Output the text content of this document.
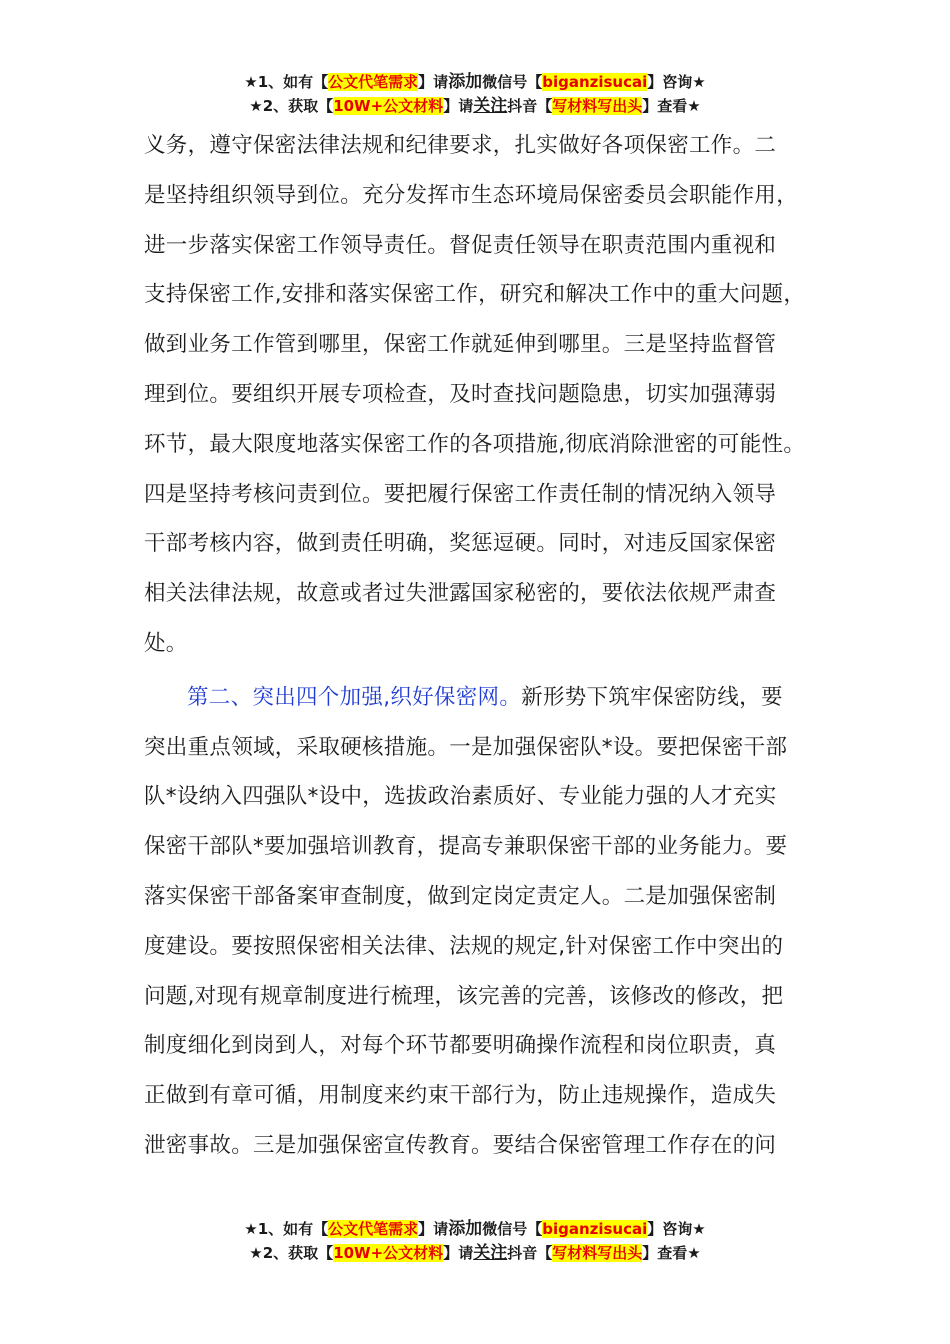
★1、如有【公文代笔需求】请添加微信号【biganzisucai】咨询★
★2、获取【10W+公文材料】请关注抖音【写材料写出头】查看★

义务，遵守保密法律法规和纪律要求，扎实做好各项保密工作。二

是坚持组织领导到位。充分发挥市生态环境局保密委员会职能作用，

进一步落实保密工作领导责任。督促责任领导在职责范围内重视和

支持保密工作,安排和落实保密工作，研究和解决工作中的重大问题，

做到业务工作管到哪里，保密工作就延伸到哪里。三是坚持监督管

理到位。要组织开展专项检查，及时查找问题隐患，切实加强薄弱

环节，最大限度地落实保密工作的各项措施,彻底消除泄密的可能性。

四是坚持考核问责到位。要把履行保密工作责任制的情况纳入领导

干部考核内容，做到责任明确，奖惩逗硬。同时，对违反国家保密

相关法律法规，故意或者过失泄露国家秘密的，要依法依规严肃查

处。

第二、突出四个加强,织好保密网。新形势下筑牢保密防线，要

突出重点领域，采取硬核措施。一是加强保密队*设。要把保密干部

队*设纳入四强队*设中，选拔政治素质好、专业能力强的人才充实

保密干部队*要加强培训教育，提高专兼职保密干部的业务能力。要

落实保密干部备案审查制度，做到定岗定责定人。二是加强保密制

度建设。要按照保密相关法律、法规的规定,针对保密工作中突出的

问题,对现有规章制度进行梳理，该完善的完善，该修改的修改，把

制度细化到岗到人，对每个环节都要明确操作流程和岗位职责，真

正做到有章可循，用制度来约束干部行为，防止违规操作，造成失

泄密事故。三是加强保密宣传教育。要结合保密管理工作存在的问

★1、如有【公文代笔需求】请添加微信号【biganzisucai】咨询★
★2、获取【10W+公文材料】请关注抖音【写材料写出头】查看★
